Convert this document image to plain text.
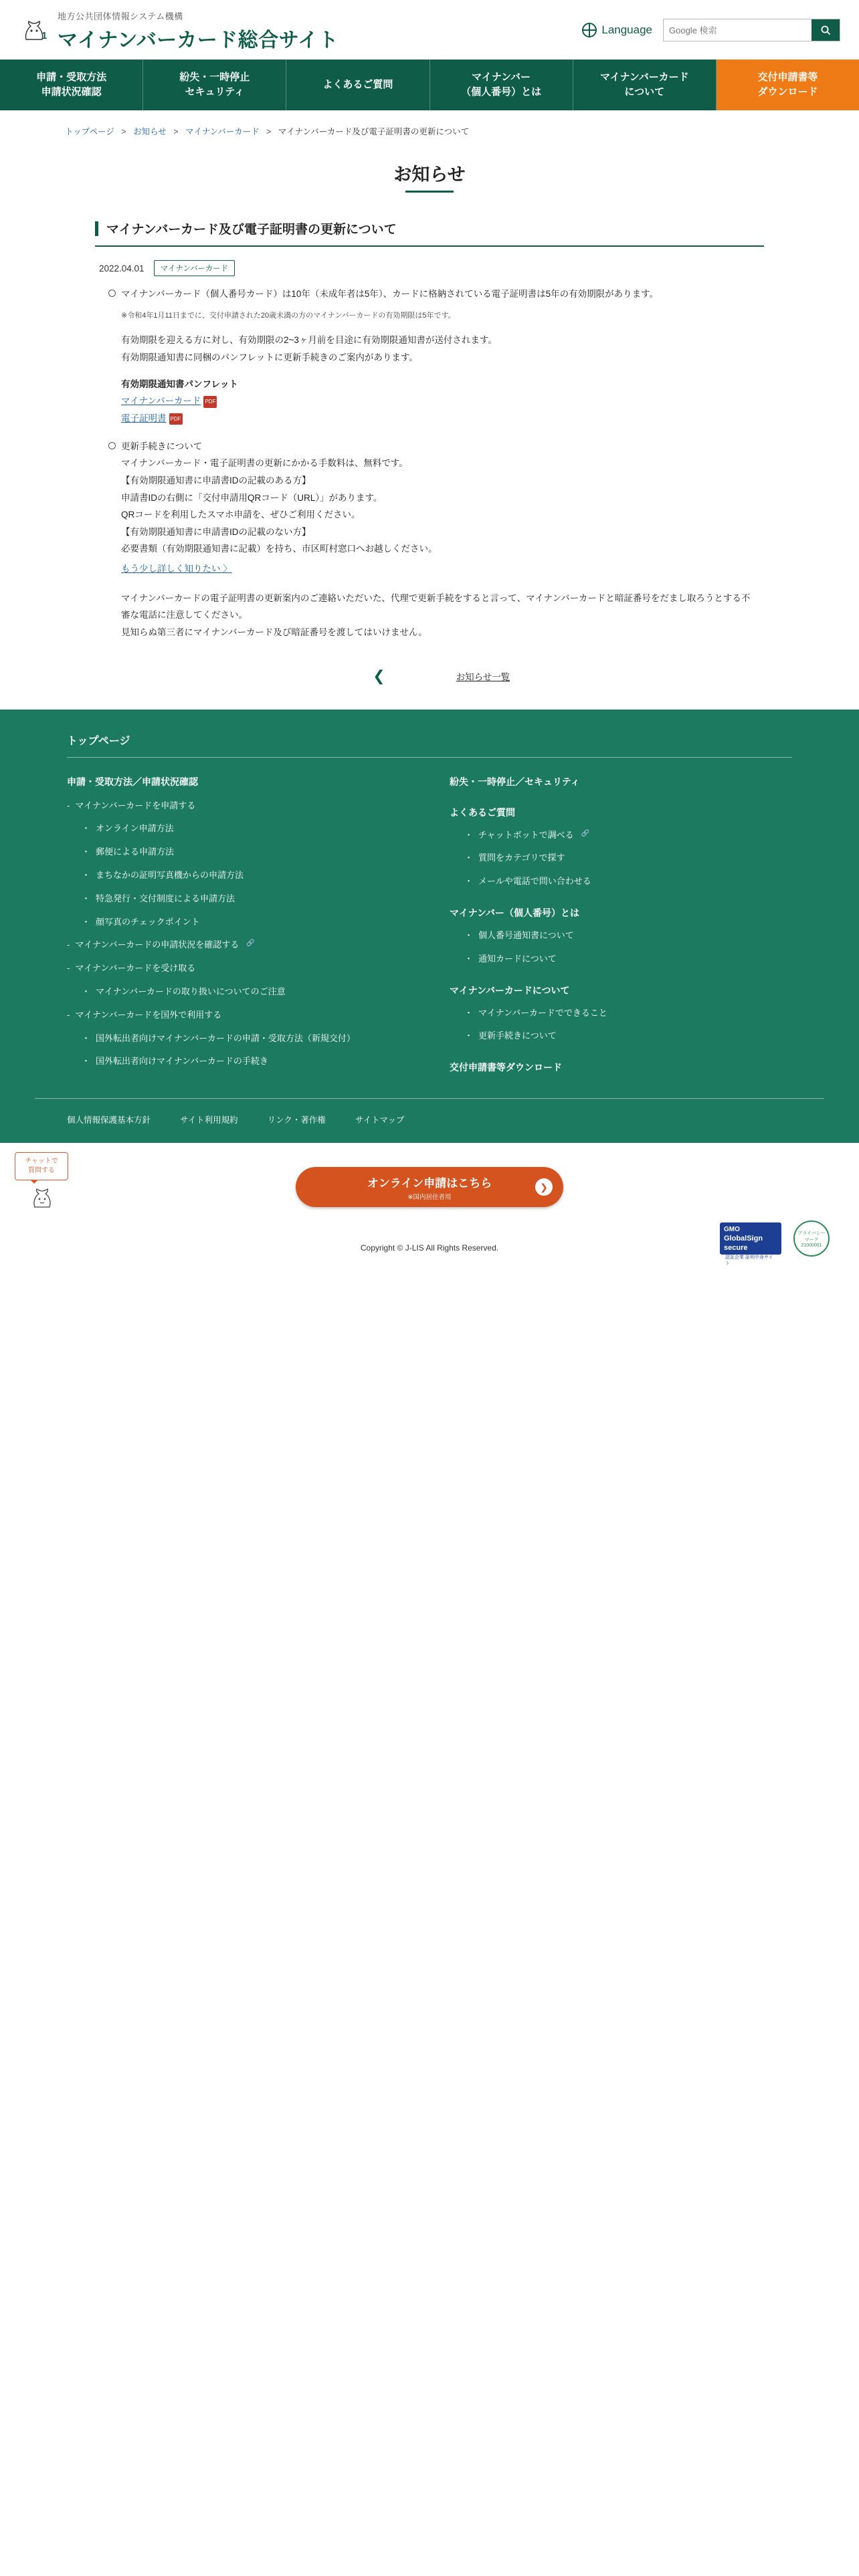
1
地方公共団体情報システム機構
マイナンバーカード総合サイト	Language
Google 検索
申請・受取方法
申請状況確認
紛失・一時停止
セキュリティ
よくあるご質問
マイナンバー
（個人番号）とは
マイナンバーカード
について
交付申請書等
ダウンロード
トップページ > お知らせ > マイナンバーカード > マイナンバーカード及び電子証明書の更新について
お知らせ
マイナンバーカード及び電子証明書の更新について
2022.04.01	マイナンバーカード
マイナンバーカード（個人番号カード）は10年（未成年者は5年）、カードに格納されている電子証明書は5年の有効期限があります。
※令和4年1月11日までに、交付申請された20歳未満の方のマイナンバーカードの有効期限は5年です。
有効期限を迎える方に対し、有効期限の2~3ヶ月前を目途に有効期限通知書が送付されます。
有効期限通知書に同梱のパンフレットに更新手続きのご案内があります。
有効期限通知書パンフレット
マイナンバーカード PDF
電子証明書 PDF
更新手続きについて
マイナンバーカード・電子証明書の更新にかかる手数料は、無料です。
【有効期限通知書に申請書IDの記載のある方】
申請書IDの右側に「交付申請用QRコード（URL）」があります。
QRコードを利用したスマホ申請を、ぜひご利用ください。
【有効期限通知書に申請書IDの記載のない方】
必要書類（有効期限通知書に記載）を持ち、市区町村窓口へお越しください。
もう少し詳しく知りたい 〉
マイナンバーカードの電子証明書の更新案内のご連絡いただいた、代理で更新手続をすると言って、マイナンバーカードと暗証番号をだまし取ろうとする不審な電話に注意してください。
見知らぬ第三者にマイナンバーカード及び暗証番号を渡してはいけません。
❮	お知らせ一覧
トップページ
申請・受取方法／申請状況確認
- マイナンバーカードを申請する
・ オンライン申請方法
・ 郵便による申請方法
・ まちなかの証明写真機からの申請方法
・ 特急発行・交付制度による申請方法
・ 顔写真のチェックポイント
- マイナンバーカードの申請状況を確認する 🔗
- マイナンバーカードを受け取る
・ マイナンバーカードの取り扱いについてのご注意
- マイナンバーカードを国外で利用する
・ 国外転出者向けマイナンバーカードの申請・受取方法（新規交付）
・ 国外転出者向けマイナンバーカードの手続き
紛失・一時停止／セキュリティ
よくあるご質問
・ チャットボットで調べる 🔗
・ 質問をカテゴリで探す
・ メールや電話で問い合わせる
マイナンバー（個人番号）とは
・ 個人番号通知書について
・ 通知カードについて
マイナンバーカードについて
・ マイナンバーカードでできること
・ 更新手続きについて
交付申請書等ダウンロード
個人情報保護基本方針	サイト利用規約	リンク・著作権	サイトマップ
チャットで
質問する
オンライン申請はこちら
※国内居住者用
❯
Copyright © J-LIS All Rights Reserved.
GMO
GlobalSign
secure
認証企業 証明中身サイト
プライバシー
マーク
21000001
